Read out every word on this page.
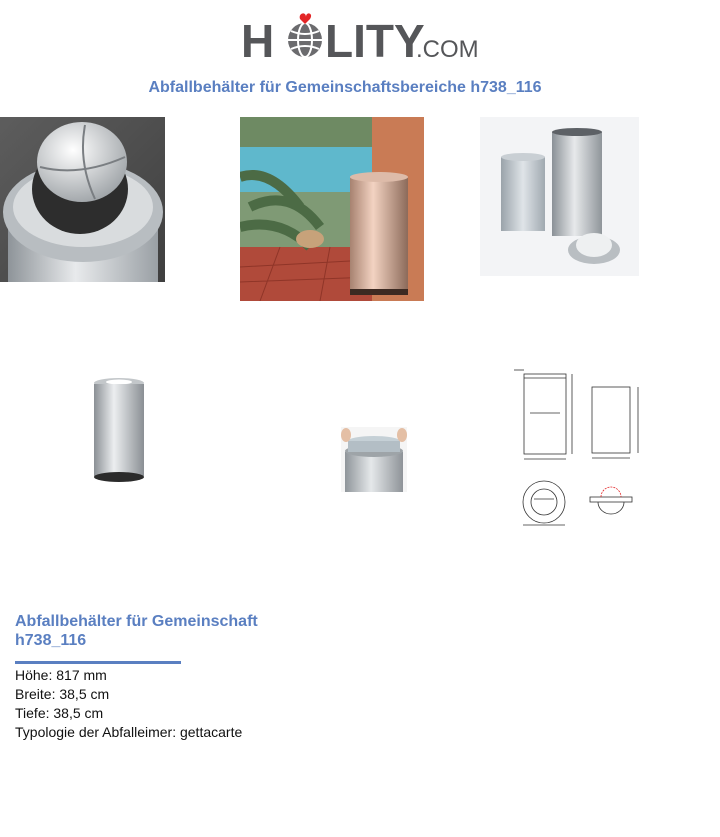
H LITY
.COM
Abfallbehälter für Gemeinschaftsbereiche h738_116
Abfallbehälter für Gemeinschaft
h738_116
Höhe: 817 mm
Breite: 38,5 cm
Tiefe: 38,5 cm
Typologie der Abfalleimer: gettacarte
